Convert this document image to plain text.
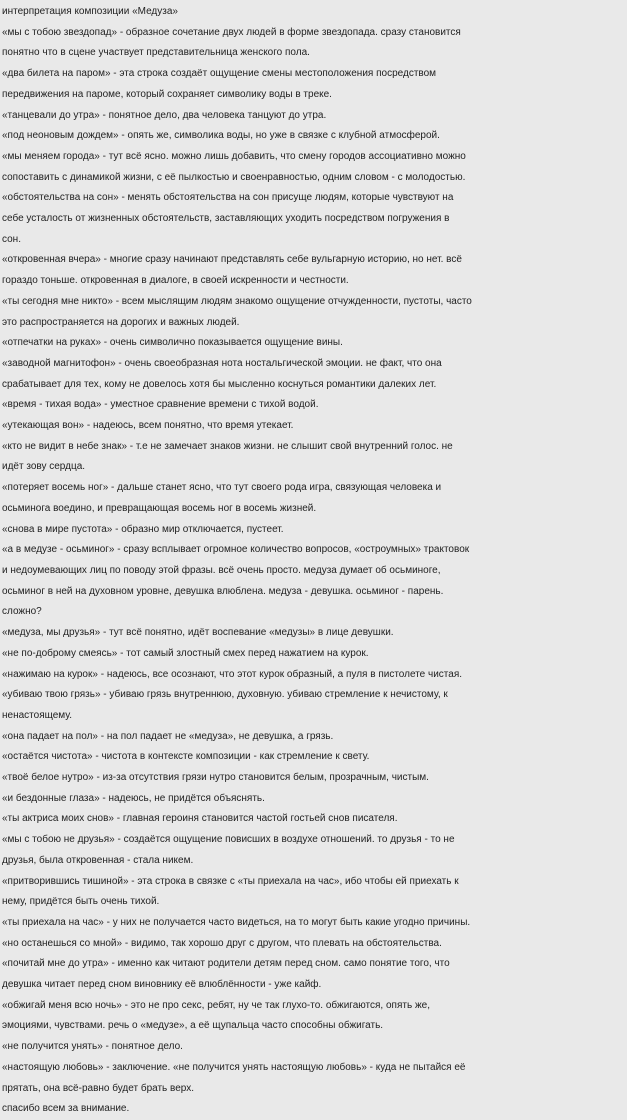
интерпретация композиции «Медуза»
«мы с тобою звездопад» - образное сочетание двух людей в форме звездопада. сразу становится
понятно что в сцене участвует представительница женского пола.
«два билета на паром» - эта строка создаёт ощущение смены местоположения посредством
передвижения на пароме, который сохраняет символику воды в треке.
«танцевали до утра» - понятное дело, два человека танцуют до утра.
«под неоновым дождем» - опять же, символика воды, но уже в связке с клубной атмосферой.
«мы меняем города» - тут всё ясно. можно лишь добавить, что смену городов ассоциативно можно
сопоставить с динамикой жизни, с её пылкостью и своенравностью, одним словом - с молодостью.
«обстоятельства на сон» - менять обстоятельства на сон присуще людям, которые чувствуют на
себе усталость от жизненных обстоятельств, заставляющих уходить посредством погружения в
сон.
«откровенная вчера» - многие сразу начинают представлять себе вульгарную историю, но нет. всё
гораздо тоньше. откровенная в диалоге, в своей искренности и честности.
«ты сегодня мне никто» - всем мыслящим людям знакомо ощущение отчужденности, пустоты, часто
это распространяется на дорогих и важных людей.
«отпечатки на руках» - очень символично показывается ощущение вины.
«заводной магнитофон» - очень своеобразная нота ностальгической эмоции. не факт, что она
срабатывает для тех, кому не довелось хотя бы мысленно коснуться романтики далеких лет.
«время - тихая вода» - уместное сравнение времени с тихой водой.
«утекающая вон» - надеюсь, всем понятно, что время утекает.
«кто не видит в небе знак» - т.е не замечает знаков жизни. не слышит свой внутренний голос. не
идёт зову сердца.
«потеряет восемь ног» - дальше станет ясно, что тут своего рода игра, связующая человека и
осьминога воедино, и превращающая восемь ног в восемь жизней.
«снова в мире пустота» - образно мир отключается, пустеет.
«а в медузе - осьминог» - сразу всплывает огромное количество вопросов, «остроумных» трактовок
и недоумевающих лиц по поводу этой фразы. всё очень просто. медуза думает об осьминоге,
осьминог в ней на духовном уровне, девушка влюблена. медуза - девушка. осьминог - парень.
сложно?
«медуза, мы друзья» - тут всё понятно, идёт воспевание «медузы» в лице девушки.
«не по-доброму смеясь» - тот самый злостный смех перед нажатием на курок.
«нажимаю на курок» - надеюсь, все осознают, что этот курок образный, а пуля в пистолете чистая.
«убиваю твою грязь» - убиваю грязь внутреннюю, духовную. убиваю стремление к нечистому, к
ненастоящему.
«она падает на пол» - на пол падает не «медуза», не девушка, а грязь.
«остаётся чистота» - чистота в контексте композиции - как стремление к свету.
«твоё белое нутро» - из-за отсутствия грязи нутро становится белым, прозрачным, чистым.
«и бездонные глаза» - надеюсь, не придётся объяснять.
«ты актриса моих снов» - главная героиня становится частой гостьей снов писателя.
«мы с тобою не друзья» - создаётся ощущение повисших в воздухе отношений. то друзья - то не
друзья, была откровенная - стала никем.
«притворившись тишиной» - эта строка в связке с «ты приехала на час», ибо чтобы ей приехать к
нему, придётся быть очень тихой.
«ты приехала на час» - у них не получается часто видеться, на то могут быть какие угодно причины.
«но останешься со мной» - видимо, так хорошо друг с другом, что плевать на обстоятельства.
«почитай мне до утра» - именно как читают родители детям перед сном. само понятие того, что
девушка читает перед сном виновнику её влюблённости - уже кайф.
«обжигай меня всю ночь» - это не про секс, ребят, ну че так глухо-то. обжигаются, опять же,
эмоциями, чувствами. речь о «медузе», а её щупальца часто способны обжигать.
«не получится унять» - понятное дело.
«настоящую любовь» - заключение. «не получится унять настоящую любовь» - куда не пытайся её
прятать, она всё-равно будет брать верх.
спасибо всем за внимание.
